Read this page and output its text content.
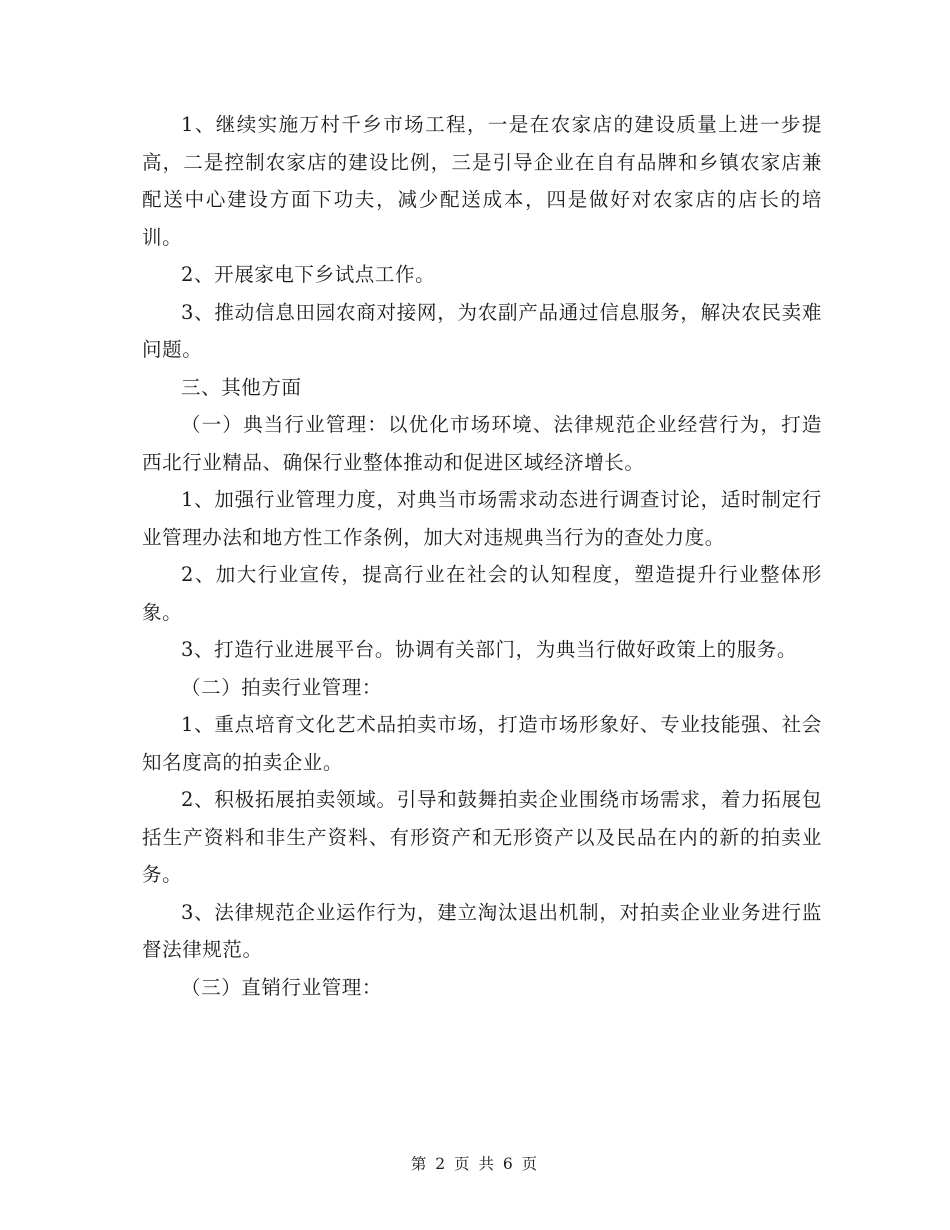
1、继续实施万村千乡市场工程，一是在农家店的建设质量上进一步提高，二是控制农家店的建设比例，三是引导企业在自有品牌和乡镇农家店兼配送中心建设方面下功夫，减少配送成本，四是做好对农家店的店长的培训。

2、开展家电下乡试点工作。

3、推动信息田园农商对接网，为农副产品通过信息服务，解决农民卖难问题。

三、其他方面

（一）典当行业管理：以优化市场环境、法律规范企业经营行为，打造西北行业精品、确保行业整体推动和促进区域经济增长。

1、加强行业管理力度，对典当市场需求动态进行调查讨论，适时制定行业管理办法和地方性工作条例，加大对违规典当行为的查处力度。

2、加大行业宣传，提高行业在社会的认知程度，塑造提升行业整体形象。

3、打造行业进展平台。协调有关部门，为典当行做好政策上的服务。

（二）拍卖行业管理：

1、重点培育文化艺术品拍卖市场，打造市场形象好、专业技能强、社会知名度高的拍卖企业。

2、积极拓展拍卖领域。引导和鼓舞拍卖企业围绕市场需求，着力拓展包括生产资料和非生产资料、有形资产和无形资产以及民品在内的新的拍卖业务。

3、法律规范企业运作行为，建立淘汰退出机制，对拍卖企业业务进行监督法律规范。

（三）直销行业管理：

第 2 页 共 6 页
